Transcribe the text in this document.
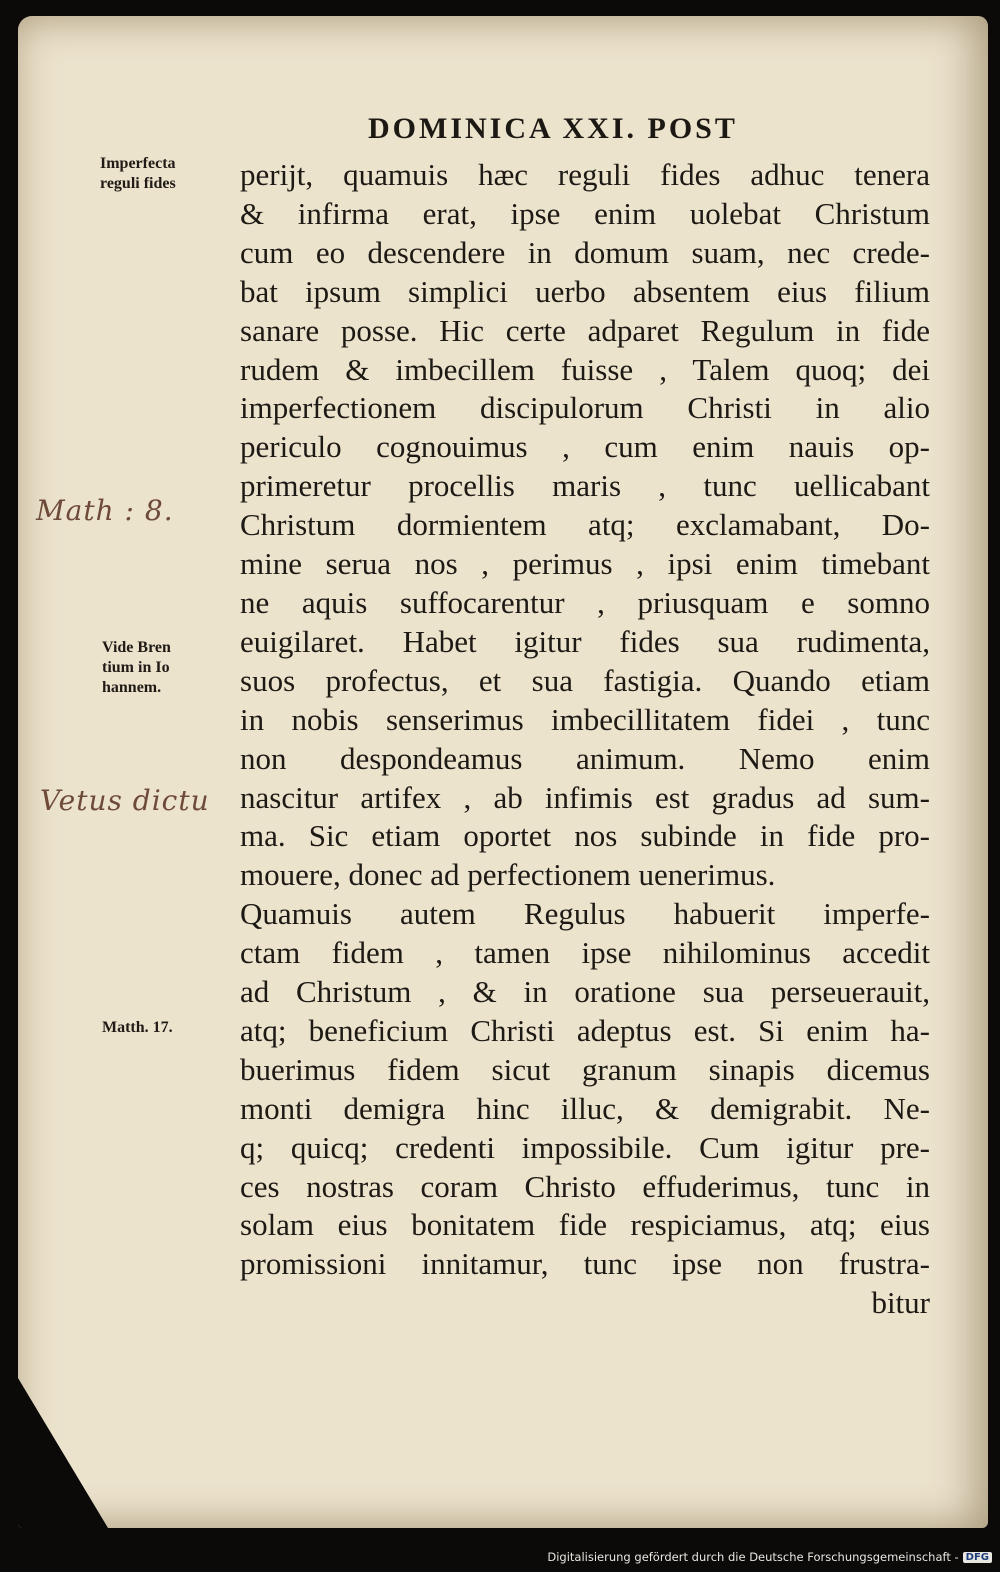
DOMINICA XXI. POST
Imperfecta
reguli fides
Math : 8.
Vide Bren
tium in Io
hannem.
Vetus dictu
Matth. 17.
perijt, quamuis hæc reguli fides adhuc tenera
& infirma erat, ipse enim uolebat Christum
cum eo descendere in domum suam, nec crede-
bat ipsum simplici uerbo absentem eius filium
sanare posse. Hic certe adparet Regulum in fide
rudem & imbecillem fuisse , Talem quoq; dei
imperfectionem discipulorum Christi in alio
periculo cognouimus , cum enim nauis op-
primeretur procellis maris , tunc uellicabant
Christum dormientem atq; exclamabant, Do-
mine serua nos , perimus , ipsi enim timebant
ne aquis suffocarentur , priusquam e somno
euigilaret. Habet igitur fides sua rudimenta,
suos profectus, et sua fastigia. Quando etiam
in nobis senserimus imbecillitatem fidei , tunc
non despondeamus animum. Nemo enim
nascitur artifex , ab infimis est gradus ad sum-
ma. Sic etiam oportet nos subinde in fide pro-
mouere, donec ad perfectionem uenerimus.
Quamuis autem Regulus habuerit imperfe-
ctam fidem , tamen ipse nihilominus accedit
ad Christum , & in oratione sua perseuerauit,
atq; beneficium Christi adeptus est. Si enim ha-
buerimus fidem sicut granum sinapis dicemus
monti demigra hinc illuc, & demigrabit. Ne-
q; quicq; credenti impossibile. Cum igitur pre-
ces nostras coram Christo effuderimus, tunc in
solam eius bonitatem fide respiciamus, atq; eius
promissioni innitamur, tunc ipse non frustra-
bitur
Digitalisierung gefördert durch die Deutsche Forschungsgemeinschaft - DFG
